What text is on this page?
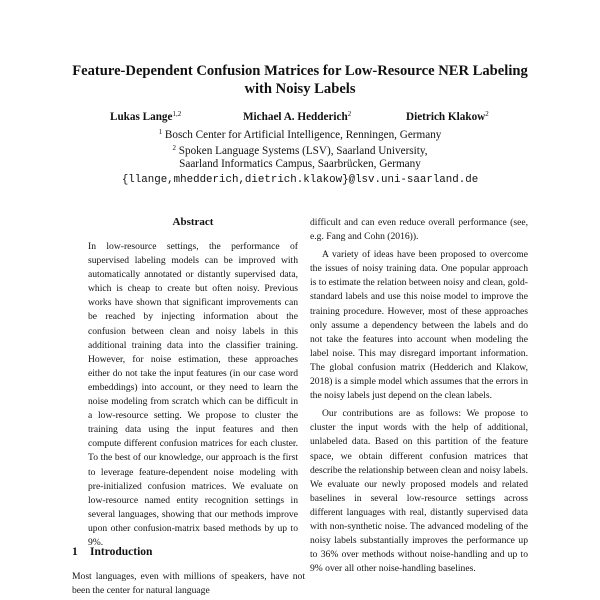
Feature-Dependent Confusion Matrices for Low-Resource NER Labeling
with Noisy Labels
Lukas Lange$^{1,2}$	Michael A. Hedderich$^2$	Dietrich Klakow$^2$
$^1$ Bosch Center for Artificial Intelligence, Renningen, Germany
$^2$ Spoken Language Systems (LSV), Saarland University,
Saarland Informatics Campus, Saarbrücken, Germany
{llange,mhedderich,dietrich.klakow}@lsv.uni-saarland.de
Abstract

In low-resource settings, the performance of supervised labeling models can be improved with automatically annotated or distantly supervised data, which is cheap to create but often noisy. Previous works have shown that significant improvements can be reached by injecting information about the confusion between clean and noisy labels in this additional training data into the classifier training. However, for noise estimation, these approaches either do not take the input features (in our case word embeddings) into account, or they need to learn the noise modeling from scratch which can be difficult in a low-resource setting. We propose to cluster the training data using the input features and then compute different confusion matrices for each cluster. To the best of our knowledge, our approach is the first to leverage feature-dependent noise modeling with pre-initialized confusion matrices. We evaluate on low-resource named entity recognition settings in several languages, showing that our methods improve upon other confusion-matrix based methods by up to 9%.

1 Introduction

Most languages, even with millions of speakers, have not been the center for natural language

difficult and can even reduce overall performance (see, e.g. Fang and Cohn (2016)).

A variety of ideas have been proposed to overcome the issues of noisy training data. One popular approach is to estimate the relation between noisy and clean, gold-standard labels and use this noise model to improve the training procedure. However, most of these approaches only assume a dependency between the labels and do not take the features into account when modeling the label noise. This may disregard important information. The global confusion matrix (Hedderich and Klakow, 2018) is a simple model which assumes that the errors in the noisy labels just depend on the clean labels.

Our contributions are as follows: We propose to cluster the input words with the help of additional, unlabeled data. Based on this partition of the feature space, we obtain different confusion matrices that describe the relationship between clean and noisy labels. We evaluate our newly proposed models and related baselines in several low-resource settings across different languages with real, distantly supervised data with non-synthetic noise. The advanced modeling of the noisy labels substantially improves the performance up to 36% over methods without noise-handling and up to 9% over all other noise-handling baselines.
